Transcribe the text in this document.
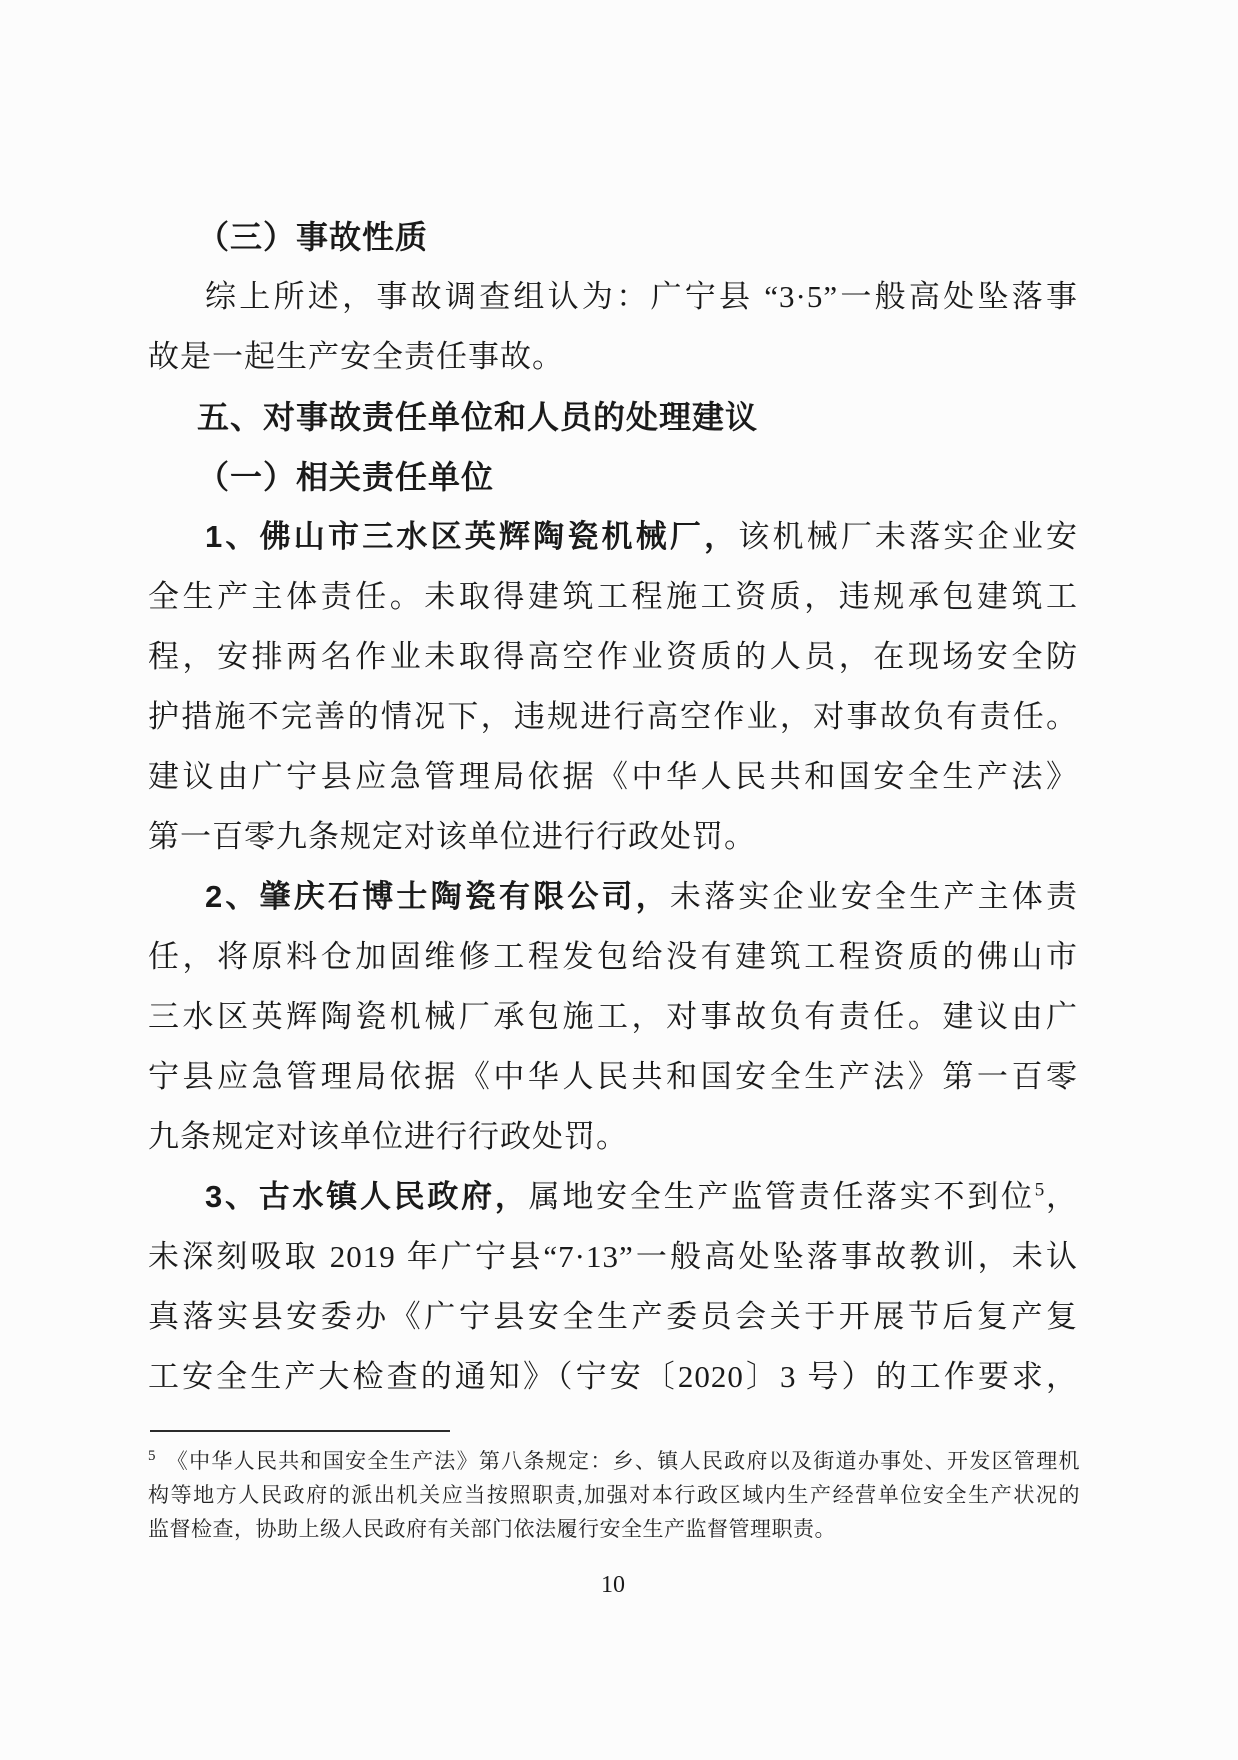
（三）事故性质
综上所述，事故调查组认为：广宁县 “3·5”一般高处坠落事
故是一起生产安全责任事故。
五、对事故责任单位和人员的处理建议
（一）相关责任单位
1、佛山市三水区英辉陶瓷机械厂，该机械厂未落实企业安
全生产主体责任。未取得建筑工程施工资质，违规承包建筑工
程，安排两名作业未取得高空作业资质的人员，在现场安全防
护措施不完善的情况下，违规进行高空作业，对事故负有责任。
建议由广宁县应急管理局依据《中华人民共和国安全生产法》
第一百零九条规定对该单位进行行政处罚。
2、肇庆石博士陶瓷有限公司，未落实企业安全生产主体责
任，将原料仓加固维修工程发包给没有建筑工程资质的佛山市
三水区英辉陶瓷机械厂承包施工，对事故负有责任。建议由广
宁县应急管理局依据《中华人民共和国安全生产法》第一百零
九条规定对该单位进行行政处罚。
3、古水镇人民政府，属地安全生产监管责任落实不到位$^5$，
未深刻吸取 2019 年广宁县“7·13”一般高处坠落事故教训，未认
真落实县安委办《广宁县安全生产委员会关于开展节后复产复
工安全生产大检查的通知》（宁安〔2020〕3 号）的工作要求，
$^5$ 《中华人民共和国安全生产法》第八条规定：乡、镇人民政府以及街道办事处、开发区管理机
构等地方人民政府的派出机关应当按照职责,加强对本行政区域内生产经营单位安全生产状况的
监督检查，协助上级人民政府有关部门依法履行安全生产监督管理职责。
10
